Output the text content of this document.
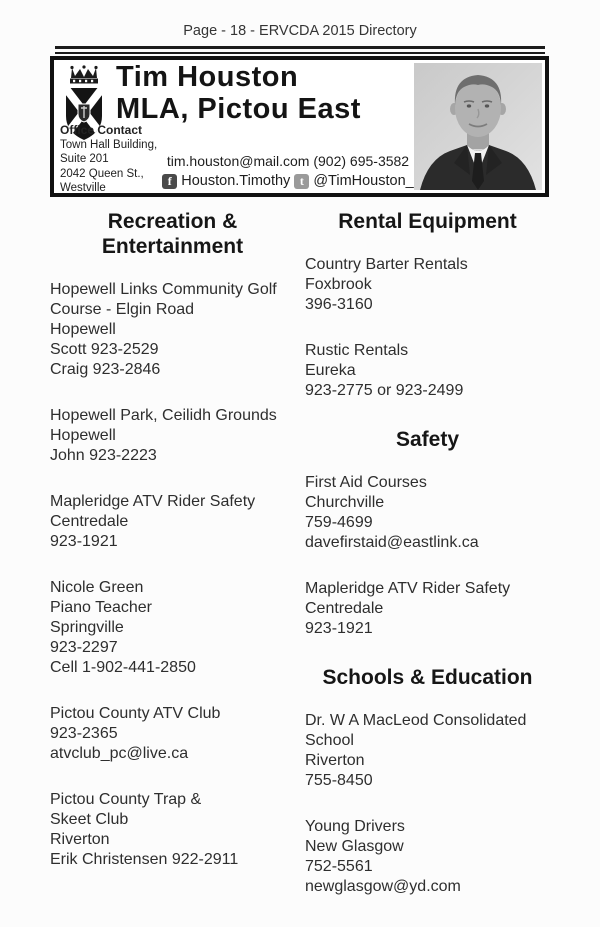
Page - 18 - ERVCDA 2015 Directory
Tim Houston
MLA, Pictou East
Office Contact
Town Hall Building,
Suite 201
2042 Queen St.,
Westville
tim.houston@mail.com (902) 695-3582
f Houston.Timothy t @TimHouston_
Recreation & Entertainment
Hopewell Links Community Golf
Course - Elgin Road
Hopewell
Scott 923-2529
Craig 923-2846
Hopewell Park, Ceilidh Grounds
Hopewell
John 923-2223
Mapleridge ATV Rider Safety
Centredale
923-1921
Nicole Green
Piano Teacher
Springville
923-2297
Cell 1-902-441-2850
Pictou County ATV Club
923-2365
atvclub_pc@live.ca
Pictou County Trap &
Skeet Club
Riverton
Erik Christensen 922-2911
Rental Equipment
Country Barter Rentals
Foxbrook
396-3160
Rustic Rentals
Eureka
923-2775 or 923-2499
Safety
First Aid Courses
Churchville
759-4699
davefirstaid@eastlink.ca
Mapleridge ATV Rider Safety
Centredale
923-1921
Schools & Education
Dr. W A MacLeod Consolidated
School
Riverton
755-8450
Young Drivers
New Glasgow
752-5561
newglasgow@yd.com
